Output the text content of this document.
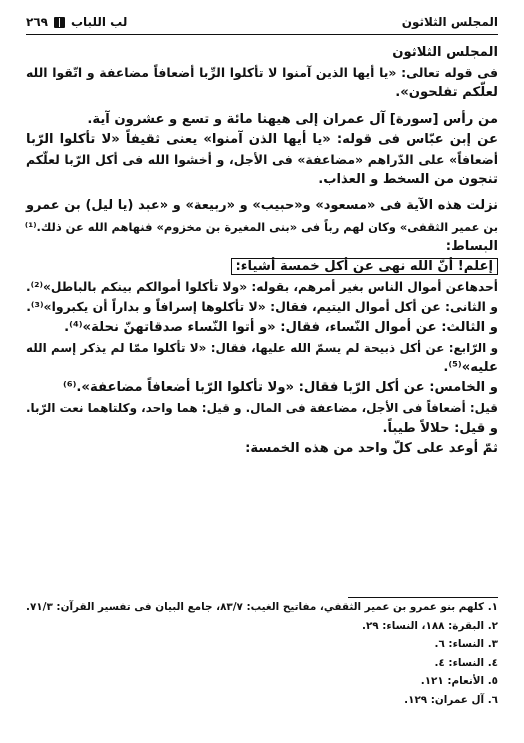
المجلس الثلاثون
لب اللباب
٢٦٩
المجلس الثلاثون
فى قوله تعالى: «يا أيها الذين آمنوا لا تأكلوا الرِّبا أضعافاً مضاعفة و اتّقوا الله
لعلّكم تفلحون».
من رأس [سورة] آل عمران إلى هيهنا مائة و تسع و عشرون آية.
عن إبن عبّاس فى قوله: «يا أيها الذن آمنوا» يعنى ثقيفاً «لا تأكلوا الرّبا
أضعافاً» على الدّراهم «مضاعفة» فى الأجل، و أخشوا الله فى أكل الرّبا لعلّكم
تنجون من السخط و العذاب.
نزلت هذه الآية فى «مسعود» و«حبيب» و «ربيعة» و «عبد (يا ليل) بن عمرو
بن عمير الثقفى» وكان لهم رباً فى «بنى المغيرة بن مخزوم» فنهاهم الله عن ذلك.⁽¹⁾
البساط:
إعلم! أنّ الله نهى عن أكل خمسة أشياء:
أحدهاعن أموال الناس بغير أمرهم، بقوله: «ولا تأكلوا أموالكم بينكم بالباطل»⁽²⁾.
و الثانى: عن أكل أموال اليتيم، فقال: «لا تأكلوها إسرافاً و بداراً أن يكبروا»⁽³⁾.
و الثالث: عن أموال النّساء، فقال: «و أتوا النّساء صدقاتهنّ نحلة»⁽⁴⁾.
و الرّابع: عن أكل ذبيحة لم يسمّ الله عليها، فقال: «لا تأكلوا ممّا لم يذكر إسم الله
عليه»⁽⁵⁾.
و الخامس: عن أكل الرّبا فقال: «ولا تأكلوا الرّبا أضعافاً مضاعفة».⁽⁶⁾
قيل: أضعافاً فى الأجل، مضاعفة فى المال. و قيل: هما واحد، وكلتاهما نعت الرّبا.
و قيل: حلالاً طيباً.
ثمّ أوعد على كلّ واحد من هذه الخمسة:
١. كلهم بنو عمرو بن عمير الثقفي، مفاتيح الغيب: ٨٣/٧، جامع البيان فى تفسير القرآن: ٧١/٣.
٢. البقرة: ١٨٨، النساء: ٢٩.
٣. النساء: ٦.
٤. النساء: ٤.
٥. الأنعام: ١٢١.
٦. آل عمران: ١٢٩.
